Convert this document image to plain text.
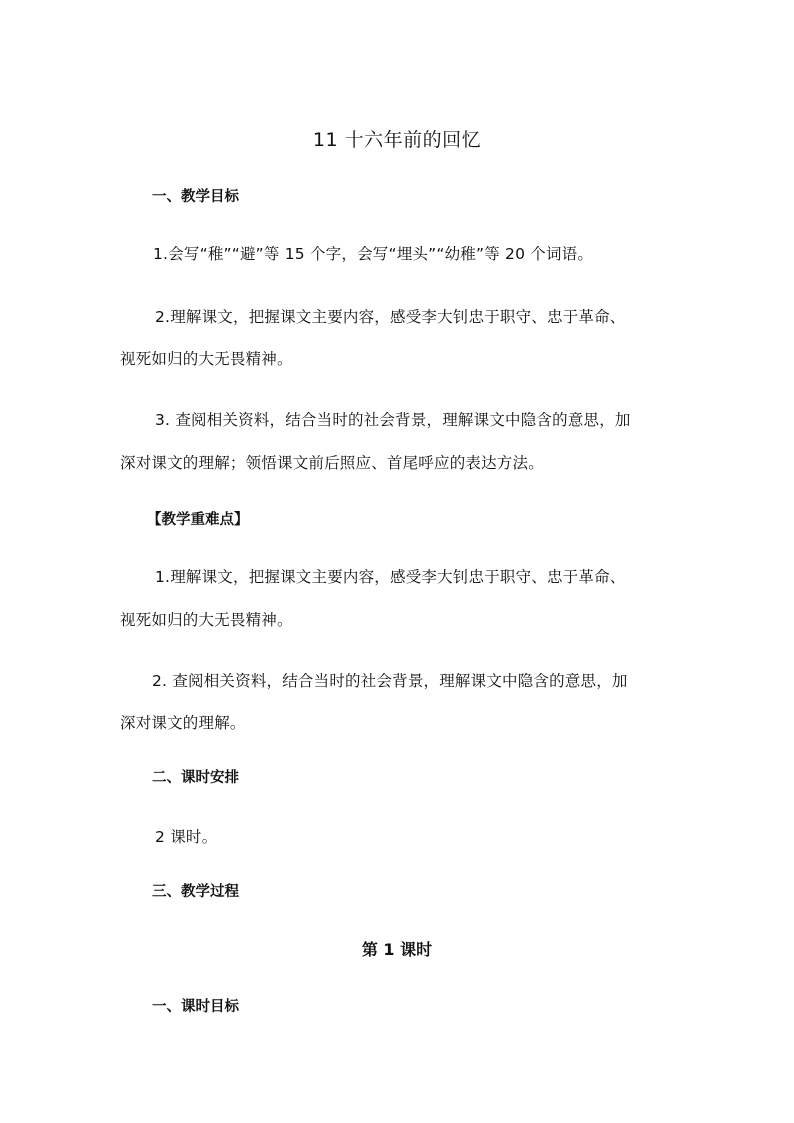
11 十六年前的回忆
一、教学目标
1.会写“稚”“避”等 15 个字，会写“埋头”“幼稚”等 20 个词语。
2.理解课文，把握课文主要内容，感受李大钊忠于职守、忠于革命、
视死如归的大无畏精神。
3. 查阅相关资料，结合当时的社会背景，理解课文中隐含的意思，加
深对课文的理解；领悟课文前后照应、首尾呼应的表达方法。
【教学重难点】
1.理解课文，把握课文主要内容，感受李大钊忠于职守、忠于革命、
视死如归的大无畏精神。
2. 查阅相关资料，结合当时的社会背景，理解课文中隐含的意思，加
深对课文的理解。
二、课时安排
2 课时。
三、教学过程
第 1 课时
一、课时目标
